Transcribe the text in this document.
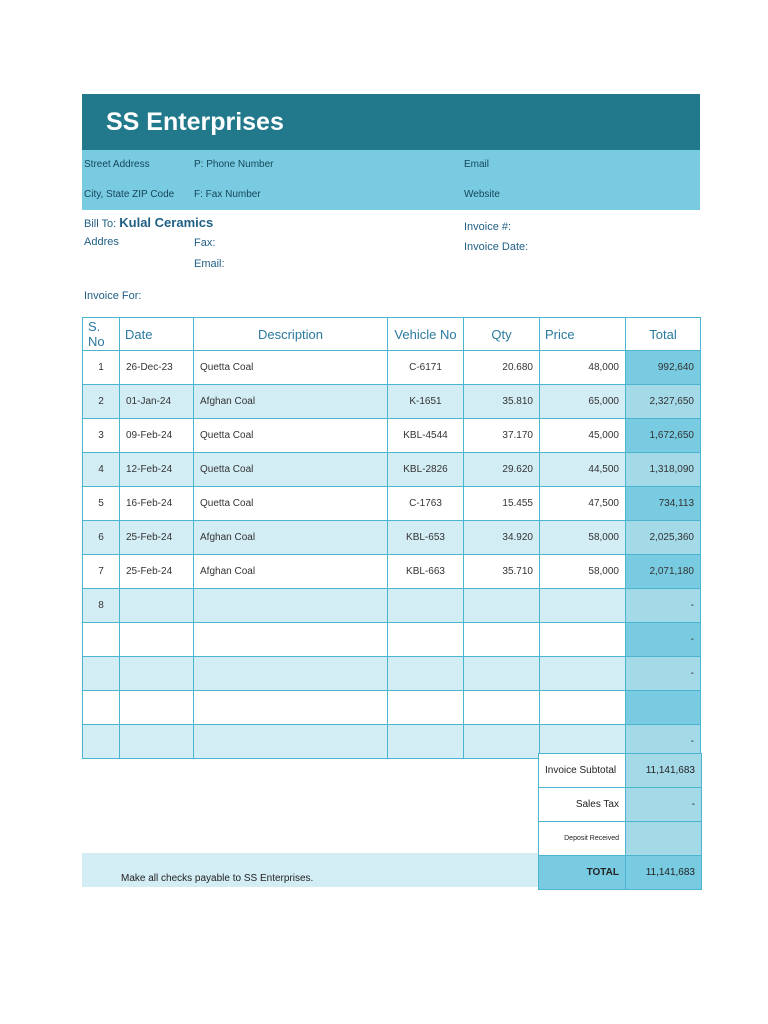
SS Enterprises
Street Address	P: Phone Number	Email
City, State ZIP Code F: Fax Number	Website
Bill To: Kulal Ceramics
Addres	Fax:
Email:
Invoice #:
Invoice Date:
Invoice For:
S. No	Date	Description	Vehicle No	Qty	Price	Total
1	26-Dec-23	Quetta Coal	C-6171	20.680	48,000	992,640
2	01-Jan-24	Afghan Coal	K-1651	35.810	65,000	2,327,650
3	09-Feb-24	Quetta Coal	KBL-4544	37.170	45,000	1,672,650
4	12-Feb-24	Quetta Coal	KBL-2826	29.620	44,500	1,318,090
5	16-Feb-24	Quetta Coal	C-1763	15.455	47,500	734,113
6	25-Feb-24	Afghan Coal	KBL-653	34.920	58,000	2,025,360
7	25-Feb-24	Afghan Coal	KBL-663	35.710	58,000	2,071,180
8						-
						-
						-

						-
Invoice Subtotal	11,141,683
Sales Tax	-
Deposit Received	
TOTAL	11,141,683
Make all checks payable to SS Enterprises.
